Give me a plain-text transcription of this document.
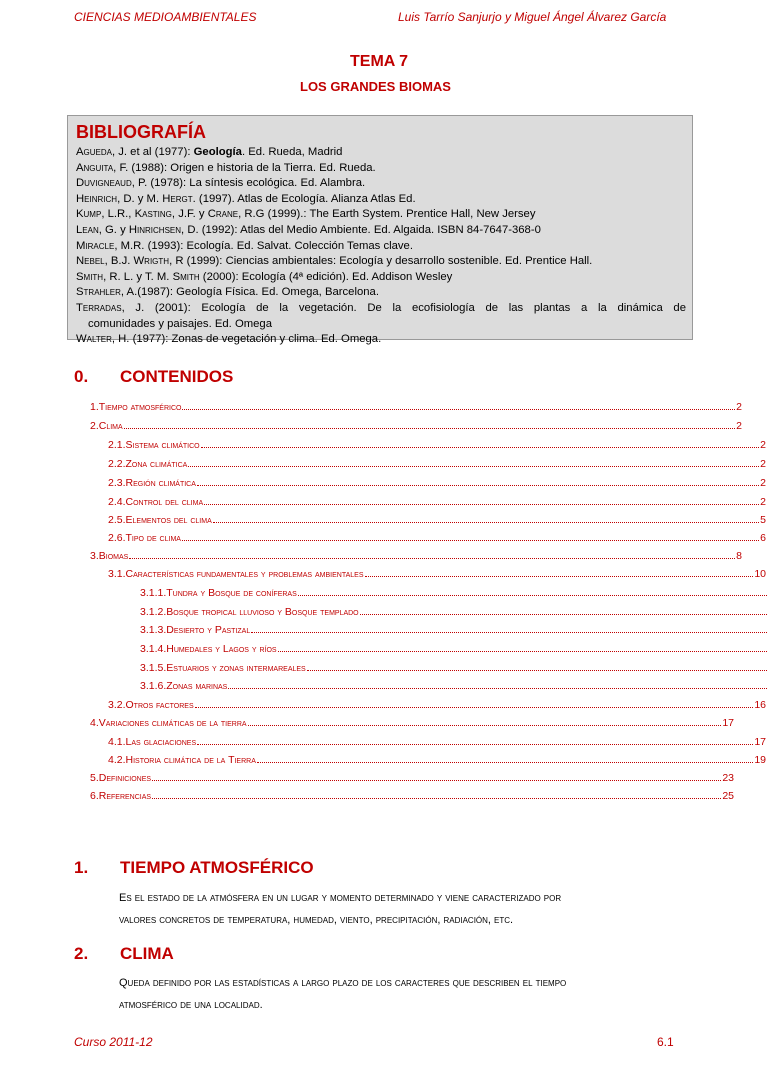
CIENCIAS MEDIOAMBIENTALES	Luis Tarrío Sanjurjo y Miguel Ángel Álvarez García
TEMA 7
LOS GRANDES BIOMAS
BIBLIOGRAFÍA

Agueda, J. et al (1977): Geología. Ed. Rueda, Madrid

Anguita, F. (1988): Origen e historia de la Tierra. Ed. Rueda.

Duvigneaud, P. (1978): La síntesis ecológica. Ed. Alambra.

Heinrich, D. y M. Hergt. (1997). Atlas de Ecología. Alianza Atlas Ed.

Kump, L.R., Kasting, J.F. y Crane, R.G (1999).: The Earth System. Prentice Hall, New Jersey

Lean, G. y Hinrichsen, D. (1992): Atlas del Medio Ambiente. Ed. Algaida. ISBN 84-7647-368-0

Miracle, M.R. (1993): Ecología. Ed. Salvat. Colección Temas clave.

Nebel, B.J. Wrigth, R (1999): Ciencias ambientales: Ecología y desarrollo sostenible. Ed. Prentice Hall.

Smith, R. L. y T. M. Smith (2000): Ecología (4ª edición). Ed. Addison Wesley

Strahler, A.(1987): Geología Física. Ed. Omega, Barcelona.

Terradas, J. (2001): Ecología de la vegetación. De la ecofisiología de las plantas a la dinámica de

comunidades y paisajes. Ed. Omega

Walter, H. (1977): Zonas de vegetación y clima. Ed. Omega.

0. CONTENIDOS
1.Tiempo atmosférico	2
2.Clima	2
2.1.Sistema climático	2
2.2.Zona climática	2
2.3.Región climática	2
2.4.Control del clima	2
2.5.Elementos del clima	5
2.6.Tipo de clima	6
3.Biomas	8
3.1.Características fundamentales y problemas ambientales	10
3.1.1.Tundra y Bosque de coníferas
3.1.2.Bosque tropical lluvioso y Bosque templado
3.1.3.Desierto y Pastizal
3.1.4.Humedales y Lagos y ríos
3.1.5.Estuarios y zonas intermareales
3.1.6.Zonas marinas
3.2.Otros factores	16
4.Variaciones climáticas de la tierra	17
4.1.Las glaciaciones	17
4.2.Historia climática de la Tierra	19
5.Definiciones	23
6.Referencias	25
1. TIEMPO ATMOSFÉRICO
Es el estado de la atmósfera en un lugar y momento determinado y viene caracterizado por
valores concretos de temperatura, humedad, viento, precipitación, radiación, etc.
2. CLIMA
Queda definido por las estadísticas a largo plazo de los caracteres que describen el tiempo
atmosférico de una localidad.
Curso 2011-12	6.1
